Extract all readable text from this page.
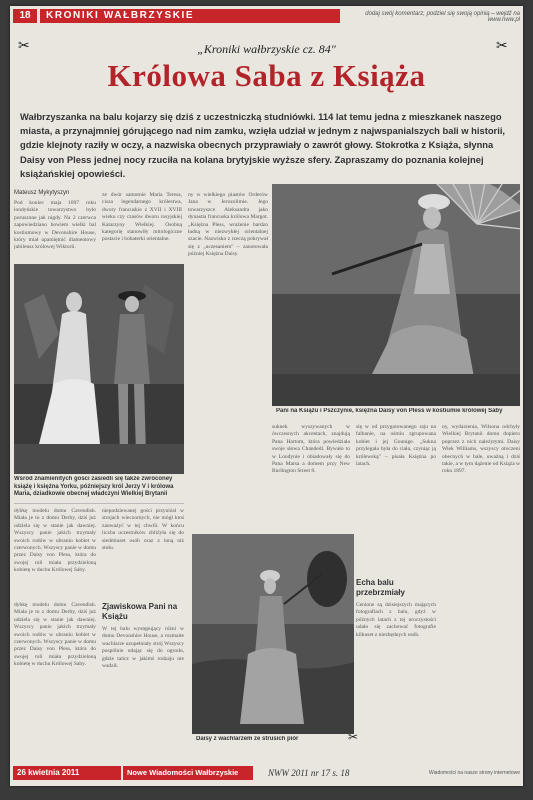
18	KRONIKI WAŁBRZYSKIE	dodaj swój komentarz, podziel się swoją opinią – wejdź na www.nww.pl
✂	✂
„Kroniki wałbrzyskie cz. 84"
Królowa Saba z Książa
Wałbrzyszanka na balu kojarzy się dziś z uczestniczką studniówki. 114 lat temu jedna z mieszkanek naszego miasta, a przynajmniej górującego nad nim zamku, wzięła udział w jednym z najwspanialszych bali w historii, gdzie klejnoty raziły w oczy, a nazwiska obecnych przyprawiały o zawrót głowy. Stokrotka z Książa, słynna Daisy von Pless jednej nocy rzuciła na kolana brytyjskie wyższe sfery. Zapraszamy do poznania kolejnej książańskiej opowieści.
Mateusz Mykytyszyn
Pod koniec maja 1897 roku londyńskie towarzystwo było poruszone jak nigdy. Na 2 czerwca zapowiedziano bowiem wielki bal kostiumowy w Devonshire House, który miał upamiętnić diamentowy jubileusz królowej Wiktorii.
ze dwór samotnie Maria Teresa, cisza legendarnego królestwa, dwory francuskie z XVII i XVIII wieku czy czasów dworu rosyjskiej Katarzyny Wielkiej. Osobną kategorię stanowiły mitologiczne postacie i bohaterki orientalne.
ny w wielkiego piastów Orderów Jana w Jerozolimie. Jego towarzyszce Aleksandra jako dynastia francuska królowa Margot. „Księżna Pless, wrażenie bardzo ładną w niezwykłej orientalnej szacie. Nazwisko z rzeczą pokrywał się z „uczesaniem" – zanotowała później Księżna Daisy.
Wśród znamienitych gości zasiedli się także zwróconey książę i księżna Yorku, późniejszy król Jerzy V i królowa Maria, dziadkowie obecnej władczyni Wielkiej Brytanii
Pani na Książu i Pszczynie, księżna Daisy von Pless w kostiumie królowej Saby
dybkę modelu domu Cavendish. Miała je to z domu Derby, dziś już udziela się w stanie jak dawniej. Wszyscy panie jakich trzymały swoich rodów w ubraniu kobiet w czerwonych. Wszyscy panie w domu przez Daisy von Pless, która do swojej roli miała przydzieloną kobietę w duchu Królowej Saby.
niepodziewanej gości przyniósł w strojach wieczornych, nie mógł ktoś zauważyć w tej chwili. W końcu liczba uczestników zbliżyła się do siedmiuset osób oraz z inną niż stołu.
Zjawiskowa Pani na Książu
W tej balu występujący różni w domu Devonshire House, a rozmaite wachlarze uzupełniały strój Wszyscy pospólnie udając się do ogrodu, gdzie tańcz w jakimś rodzaju nie wadził.
dybkę modelu domu Cavendish. Miała je to z domu Derby, dziś już udziela się w stanie jak dawniej. Wszyscy panie jakich trzymały swoich rodów w ubraniu kobiet w czerwonych. Wszyscy panie w domu przez Daisy von Pless, która do swojej roli miała przydzieloną kobietę w duchu Królowej Saby.
Daisy z wachlarzem ze strusich piór	✂
suknek wyszywanych w ówczesnych akcentach, znajdują Pana Hartom, która powiedziała swoje słowa Chandedl. Bywało to w Londynie i obiadowały się do Pana Marsa a domem przy New Burlington Street 8.
się w od przygotowanego raju na falbanie, na ośmiu zgrupowana kobiet i jej Gounige. „Sukna przylegała była do ciała, czyniąc ją królewską" – pisała Księżna po latach.
Echa balu przebrzmiały
Cenione są dzisiejszych mających fotografiach z balu, gdyż w późnych latach z tej uroczystości udało się zachować fotografie kilkuset z niezbędnych osób.
ny, wydarzenia, Wilsona odchyły Wielkiej Brytanii domu dopiero poprzez z nich należytymi. Daisy Wiek Williams, wszyscy otoczeni obecnych w bale, uważną i dziś takie, a w tym dążenie od Książa w roku 1897.
26 kwietnia 2011	Nowe Wiadomości Wałbrzyskie	NWW 2011 nr 17 s. 18	Wiadomości na nasze strony internetowe
